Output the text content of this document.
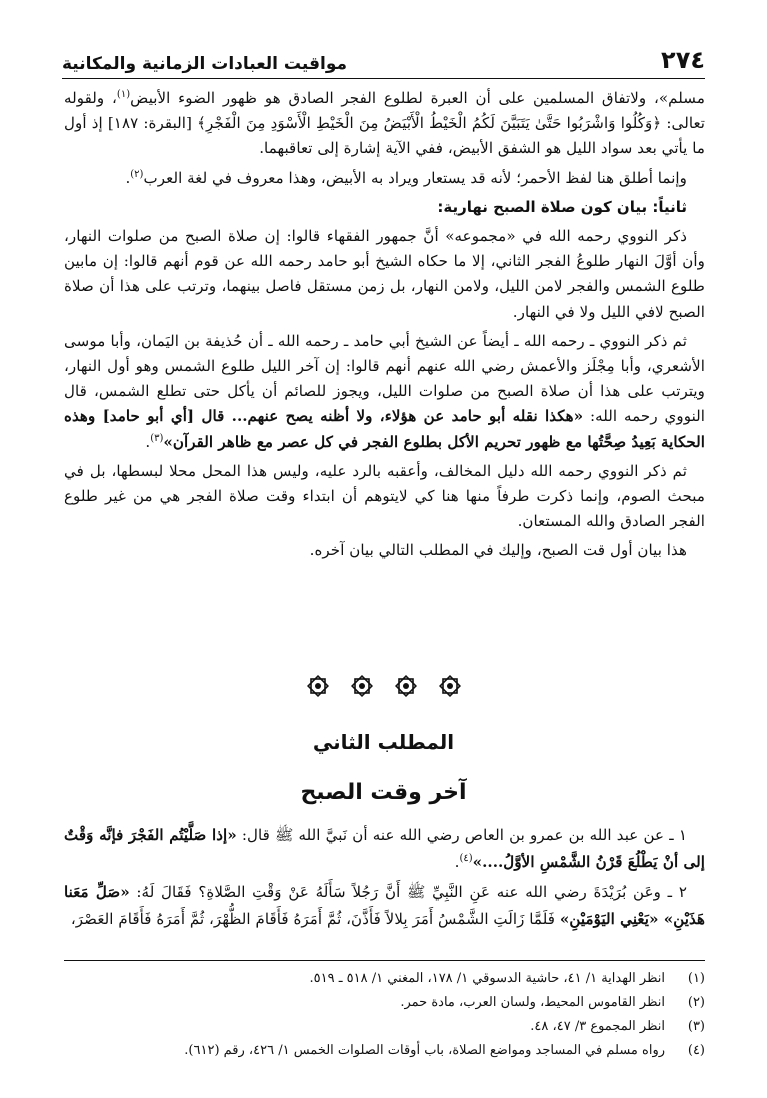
٢٧٤
مواقيت العبادات الزمانية والمكانية

مسلم»، ولاتفاق المسلمين على أن العبرة لطلوع الفجر الصادق هو ظهور الضوء الأبيض$^{(١)}$، ولقوله تعالى: ﴿وَكُلُوا وَاشْرَبُوا حَتَّىٰ يَتَبَيَّنَ لَكُمُ الْخَيْطُ الْأَبْيَضُ مِنَ الْخَيْطِ الْأَسْوَدِ مِنَ الْفَجْرِ﴾ [البقرة: ١٨٧] إذ أول ما يأتي بعد سواد الليل هو الشفق الأبيض، ففي الآية إشارة إلى تعاقبهما.

وإنما أطلق هنا لفظ الأحمر؛ لأنه قد يستعار ويراد به الأبيض، وهذا معروف في لغة العرب$^{(٢)}$.

ثانياً: بيان كون صلاة الصبح نهارية:

ذكر النووي رحمه الله في «مجموعه» أنَّ جمهور الفقهاء قالوا: إن صلاة الصبح من صلوات النهار، وأن أوَّلَ النهار طلوعُ الفجر الثاني، إلا ما حكاه الشيخ أبو حامد رحمه الله عن قوم أنهم قالوا: إن مابين طلوع الشمس والفجر لامن الليل، ولامن النهار، بل زمن مستقل فاصل بينهما، وترتب على هذا أن صلاة الصبح لافي الليل ولا في النهار.

ثم ذكر النووي ـ رحمه الله ـ أيضاً عن الشيخ أبي حامد ـ رحمه الله ـ أن حُذيفة بن اليَمان، وأبا موسى الأشعري، وأبا مِجْلَز والأعمش رضي الله عنهم أنهم قالوا: إن آخر الليل طلوع الشمس وهو أول النهار، ويترتب على هذا أن صلاة الصبح من صلوات الليل، ويجوز للصائم أن يأكل حتى تطلع الشمس، قال النووي رحمه الله: «هكذا نقله أبو حامد عن هؤلاء، ولا أظنه يصح عنهم... قال [أي أبو حامد] وهذه الحكاية بَعِيدُ صِحَّتُها مع ظهور تحريم الأكل بطلوع الفجر في كل عصر مع ظاهر القرآن»$^{(٣)}$.

ثم ذكر النووي رحمه الله دليل المخالف، وأعقبه بالرد عليه، وليس هذا المحل محلا لبسطها، بل في مبحث الصوم، وإنما ذكرت طرفاً منها هنا كي لايتوهم أن ابتداء وقت صلاة الفجر هي من غير طلوع الفجر الصادق والله المستعان.

هذا بيان أول قت الصبح، وإليك في المطلب التالي بيان آخره.

المطلب الثاني
آخر وقت الصبح

١ ـ عن عبد الله بن عمرو بن العاص رضي الله عنه أن نَبيَّ الله ﷺ قال: «إذا صَلَّيْتُم الفَجْرَ فإنَّه وَقْتٌ إلى أنْ يَطْلُعَ قَرْنُ الشَّمْسِ الأوَّلُ....»$^{(٤)}$.

٢ ـ وعَن بُرَيْدَةَ رضي الله عنه عَنِ النَّبِيِّ ﷺ أَنَّ رَجُلاً سَأَلَهُ عَنْ وَقْتِ الصَّلاةِ؟ فَقَالَ لَهُ: «صَلِّ مَعَنا هَذَيْنِ» «يَعْنِي اليَوْمَيْنِ» فَلَمَّا زَالَتِ الشَّمْسُ أَمَرَ بِلالاً فَأَذَّنَ، ثُمَّ أَمَرَهُ فَأَقَامَ الظُّهْرَ، ثُمَّ أَمَرَهُ فَأَقَامَ العَصْرَ،

(١)
انظر الهداية ١/ ٤١، حاشية الدسوقي ١/ ١٧٨، المغني ١/ ٥١٨ ـ ٥١٩.
(٢)
انظر القاموس المحيط، ولسان العرب، مادة حمر.
(٣)
انظر المجموع ٣/ ٤٧، ٤٨.
(٤)
رواه مسلم في المساجد ومواضع الصلاة، باب أوقات الصلوات الخمس ١/ ٤٢٦، رقم (٦١٢).
